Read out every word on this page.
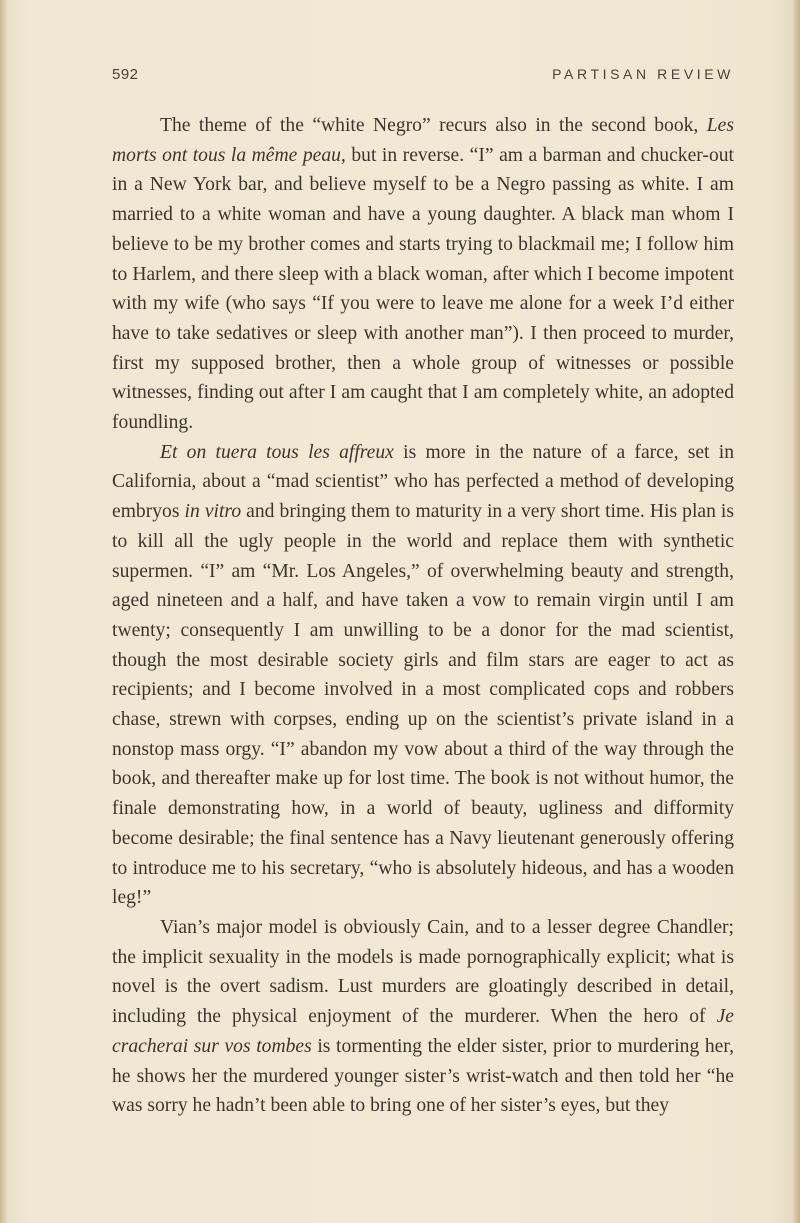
592	PARTISAN REVIEW

The theme of the “white Negro” recurs also in the second book, Les morts ont tous la même peau, but in reverse. “I” am a barman and chucker-out in a New York bar, and believe myself to be a Negro passing as white. I am married to a white woman and have a young daughter. A black man whom I believe to be my brother comes and starts trying to blackmail me; I follow him to Harlem, and there sleep with a black woman, after which I become impotent with my wife (who says “If you were to leave me alone for a week I’d either have to take sedatives or sleep with another man”). I then proceed to murder, first my supposed brother, then a whole group of witnesses or possible witnesses, finding out after I am caught that I am completely white, an adopted foundling.

Et on tuera tous les affreux is more in the nature of a farce, set in California, about a “mad scientist” who has perfected a method of developing embryos in vitro and bringing them to maturity in a very short time. His plan is to kill all the ugly people in the world and replace them with synthetic supermen. “I” am “Mr. Los Angeles,” of overwhelming beauty and strength, aged nineteen and a half, and have taken a vow to remain virgin until I am twenty; consequently I am unwilling to be a donor for the mad scientist, though the most desirable society girls and film stars are eager to act as recipients; and I become involved in a most complicated cops and robbers chase, strewn with corpses, ending up on the scientist’s private island in a nonstop mass orgy. “I” abandon my vow about a third of the way through the book, and thereafter make up for lost time. The book is not without humor, the finale demonstrating how, in a world of beauty, ugliness and difformity become desirable; the final sentence has a Navy lieutenant generously offering to introduce me to his secretary, “who is absolutely hideous, and has a wooden leg!”

Vian’s major model is obviously Cain, and to a lesser degree Chandler; the implicit sexuality in the models is made pornographically explicit; what is novel is the overt sadism. Lust murders are gloatingly described in detail, including the physical enjoyment of the murderer. When the hero of Je cracherai sur vos tombes is tormenting the elder sister, prior to murdering her, he shows her the murdered younger sister’s wrist-watch and then told her “he was sorry he hadn’t been able to bring one of her sister’s eyes, but they
